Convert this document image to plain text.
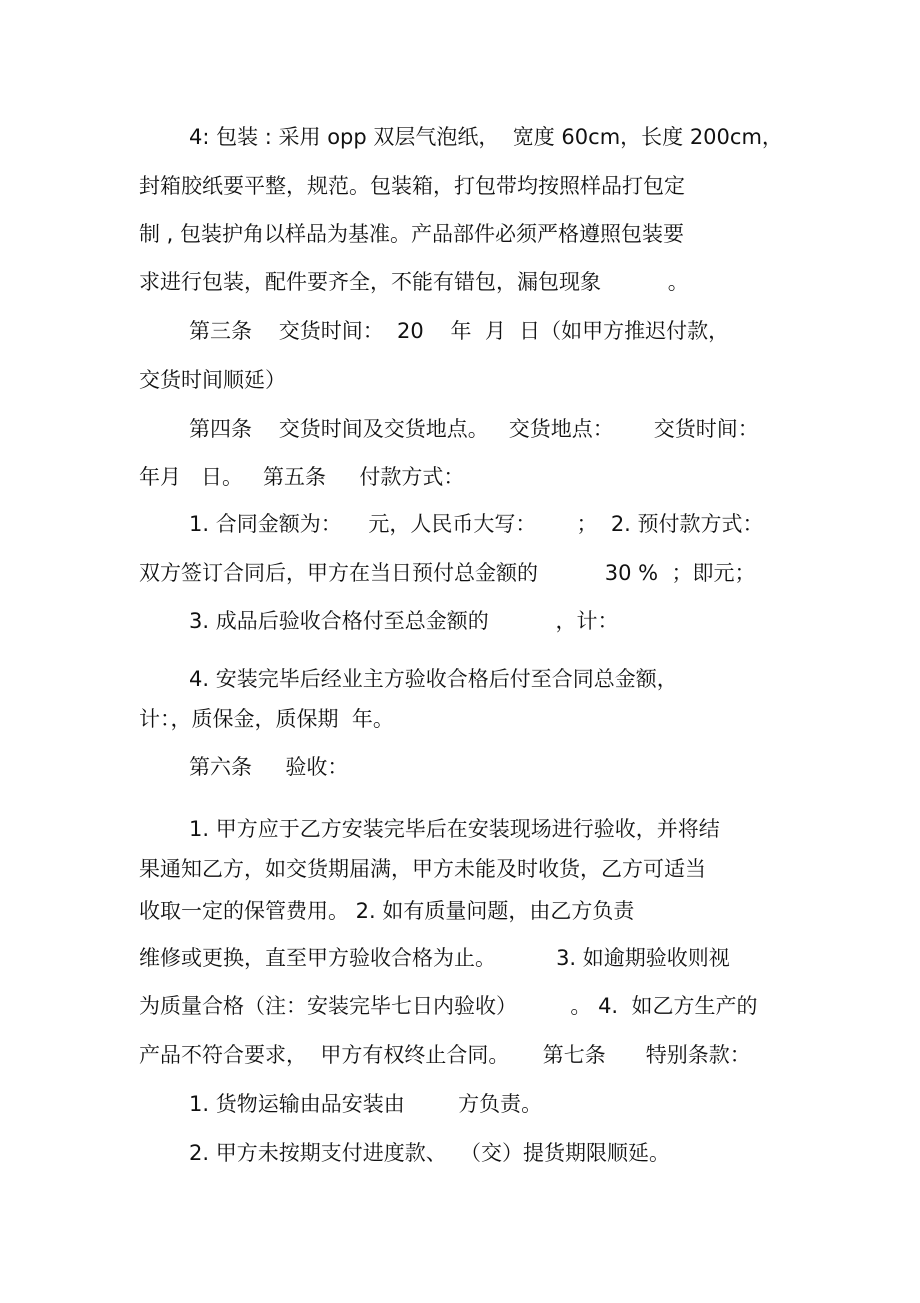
4: 包装 : 采用 opp 双层气泡纸，  宽度 60cm，长度 200cm，

封箱胶纸要平整，规范。包装箱，打包带均按照样品打包定

制 , 包装护角以样品为基准。产品部件必须严格遵照包装要

求进行包装，配件要齐全，不能有错包，漏包现象          。

第三条    交货时间：  20    年  月  日（如甲方推迟付款，

交货时间顺延）

第四条    交货时间及交货地点。   交货地点：      交货时间：

年月   日。   第五条     付款方式：

1. 合同金额为：    元，人民币大写：      ；  2. 预付款方式：

双方签订合同后，甲方在当日预付总金额的          30 %  ；即元；

3. 成品后验收合格付至总金额的          ，计：

4. 安装完毕后经业主方验收合格后付至合同总金额，

计：，质保金，质保期  年。

第六条     验收：

1. 甲方应于乙方安装完毕后在安装现场进行验收，并将结

果通知乙方，如交货期届满，甲方未能及时收货，乙方可适当

收取一定的保管费用。 2. 如有质量问题，由乙方负责

维修或更换，直至甲方验收合格为止。         3. 如逾期验收则视

为质量合格（注：安装完毕七日内验收）        。 4.  如乙方生产的

产品不符合要求，  甲方有权终止合同。     第七条      特别条款：

1. 货物运输由品安装由        方负责。

2. 甲方未按期支付进度款、  （交）提货期限顺延。
